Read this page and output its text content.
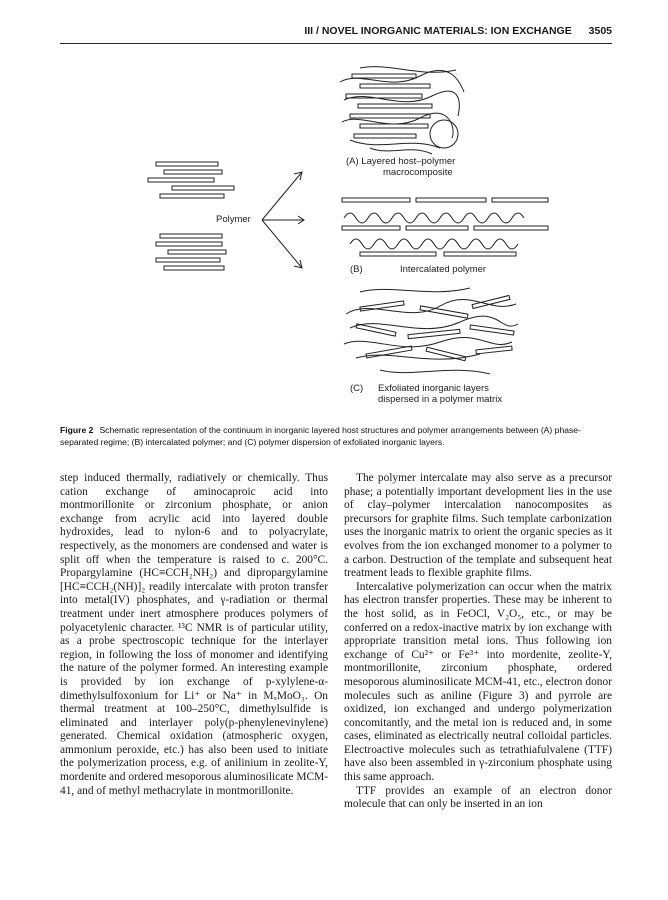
III / NOVEL INORGANIC MATERIALS: ION EXCHANGE 3505
(A) Layered host–polymer
macrocomposite
Polymer
(B)	Intercalated polymer
(C) Exfoliated inorganic layers
dispersed in a polymer matrix
Figure 2 Schematic representation of the continuum in inorganic layered host structures and polymer arrangements between (A) phase-separated regime; (B) intercalated polymer; and (C) polymer dispersion of exfoliated inorganic layers.

step induced thermally, radiatively or chemically. Thus cation exchange of aminocaproic acid into montmorillonite or zirconium phosphate, or anion exchange from acrylic acid into layered double hydroxides, lead to nylon-6 and to polyacrylate, respectively, as the monomers are condensed and water is split off when the temperature is raised to c. 200°C. Propargylamine (HC≡CCH₂NH₂) and dipropargylamine [HC≡CCH₂(NH)]₂ readily intercalate with proton transfer into metal(IV) phosphates, and γ-radiation or thermal treatment under inert atmosphere produces polymers of polyacetylenic character. ¹³C NMR is of particular utility, as a probe spectroscopic technique for the interlayer region, in following the loss of monomer and identifying the nature of the polymer formed. An interesting example is provided by ion exchange of p-xylylene-α-dimethylsulfoxonium for Li⁺ or Na⁺ in MₓMoO₃. On thermal treatment at 100–250°C, dimethylsulfide is eliminated and interlayer poly(p-phenylenevinylene) generated. Chemical oxidation (atmospheric oxygen, ammonium peroxide, etc.) has also been used to initiate the polymerization process, e.g. of anilinium in zeolite-Y, mordenite and ordered mesoporous aluminosilicate MCM-41, and of methyl methacrylate in montmorillonite.

The polymer intercalate may also serve as a precursor phase; a potentially important development lies in the use of clay–polymer intercalation nanocomposites as precursors for graphite films. Such template carbonization uses the inorganic matrix to orient the organic species as it evolves from the ion exchanged monomer to a polymer to a carbon. Destruction of the template and subsequent heat treatment leads to flexible graphite films.

Intercalative polymerization can occur when the matrix has electron transfer properties. These may be inherent to the host solid, as in FeOCl, V₂O₅, etc., or may be conferred on a redox-inactive matrix by ion exchange with appropriate transition metal ions. Thus following ion exchange of Cu²⁺ or Fe³⁺ into mordenite, zeolite-Y, montmorillonite, zirconium phosphate, ordered mesoporous aluminosilicate MCM-41, etc., electron donor molecules such as aniline (Figure 3) and pyrrole are oxidized, ion exchanged and undergo polymerization concomitantly, and the metal ion is reduced and, in some cases, eliminated as electrically neutral colloidal particles. Electroactive molecules such as tetrathiafulvalene (TTF) have also been assembled in γ-zirconium phosphate using this same approach.

TTF provides an example of an electron donor molecule that can only be inserted in an ion
